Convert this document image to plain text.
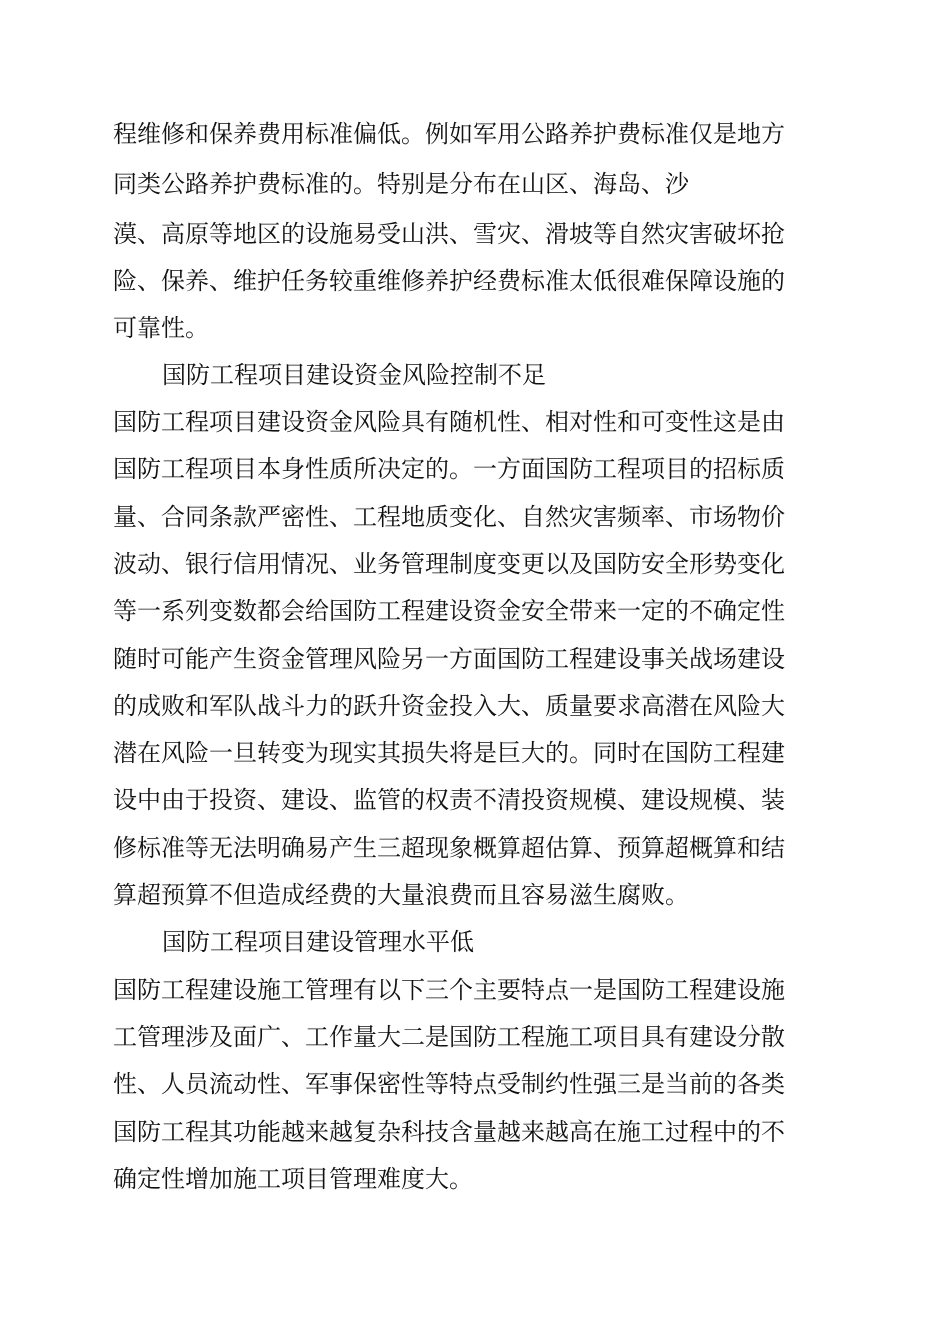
程维修和保养费用标准偏低。例如军用公路养护费标准仅是地方

同类公路养护费标准的。特别是分布在山区、海岛、沙

漠、高原等地区的设施易受山洪、雪灾、滑坡等自然灾害破坏抢

险、保养、维护任务较重维修养护经费标准太低很难保障设施的

可靠性。

国防工程项目建设资金风险控制不足

国防工程项目建设资金风险具有随机性、相对性和可变性这是由

国防工程项目本身性质所决定的。一方面国防工程项目的招标质

量、合同条款严密性、工程地质变化、自然灾害频率、市场物价

波动、银行信用情况、业务管理制度变更以及国防安全形势变化

等一系列变数都会给国防工程建设资金安全带来一定的不确定性

随时可能产生资金管理风险另一方面国防工程建设事关战场建设

的成败和军队战斗力的跃升资金投入大、质量要求高潜在风险大

潜在风险一旦转变为现实其损失将是巨大的。同时在国防工程建

设中由于投资、建设、监管的权责不清投资规模、建设规模、装

修标准等无法明确易产生三超现象概算超估算、预算超概算和结

算超预算不但造成经费的大量浪费而且容易滋生腐败。

国防工程项目建设管理水平低

国防工程建设施工管理有以下三个主要特点一是国防工程建设施

工管理涉及面广、工作量大二是国防工程施工项目具有建设分散

性、人员流动性、军事保密性等特点受制约性强三是当前的各类

国防工程其功能越来越复杂科技含量越来越高在施工过程中的不

确定性增加施工项目管理难度大。
